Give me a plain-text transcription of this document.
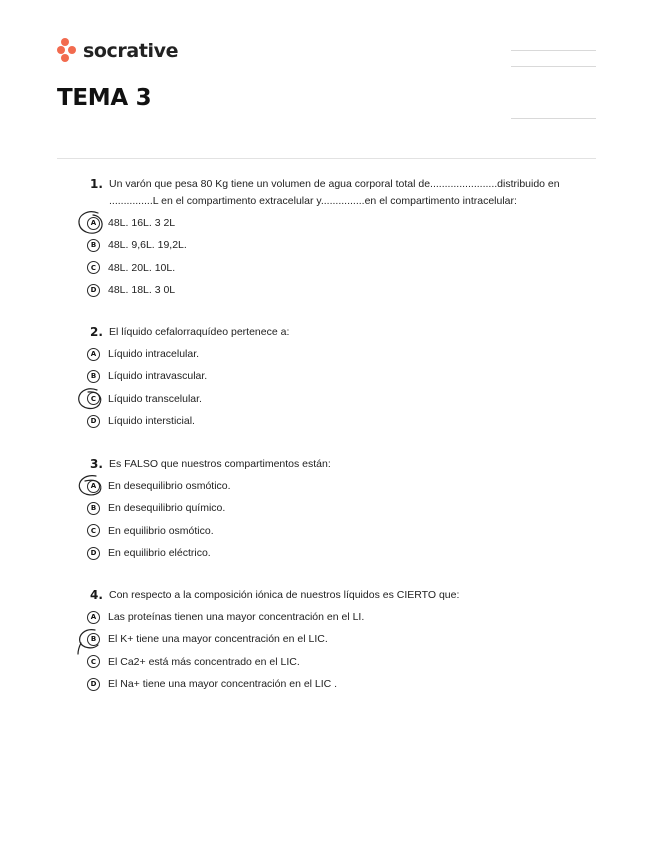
socrative
TEMA 3
1. Un varón que pesa 80 Kg tiene un volumen de agua corporal total de.......................distribuido en ...............L en el compartimento extracelular y...............en el compartimento intracelular:
A	48L. 16L. 3 2L
B	48L. 9,6L. 19,2L.
C	48L. 20L. 10L.
D	48L. 18L. 3 0L
2. El líquido cefalorraquídeo pertenece a:
A	Líquido intracelular.
B	Líquido intravascular.
C	Líquido transcelular.
D	Líquido intersticial.
3. Es FALSO que nuestros compartimentos están:
A	En desequilibrio osmótico.
B	En desequilibrio químico.
C	En equilibrio osmótico.
D	En equilibrio eléctrico.
4. Con respecto a la composición iónica de nuestros líquidos es CIERTO que:
A	Las proteínas tienen una mayor concentración en el LI.
B	El K+ tiene una mayor concentración en el LIC.
C	El Ca2+ está más concentrado en el LIC.
D	El Na+ tiene una mayor concentración en el LIC .
